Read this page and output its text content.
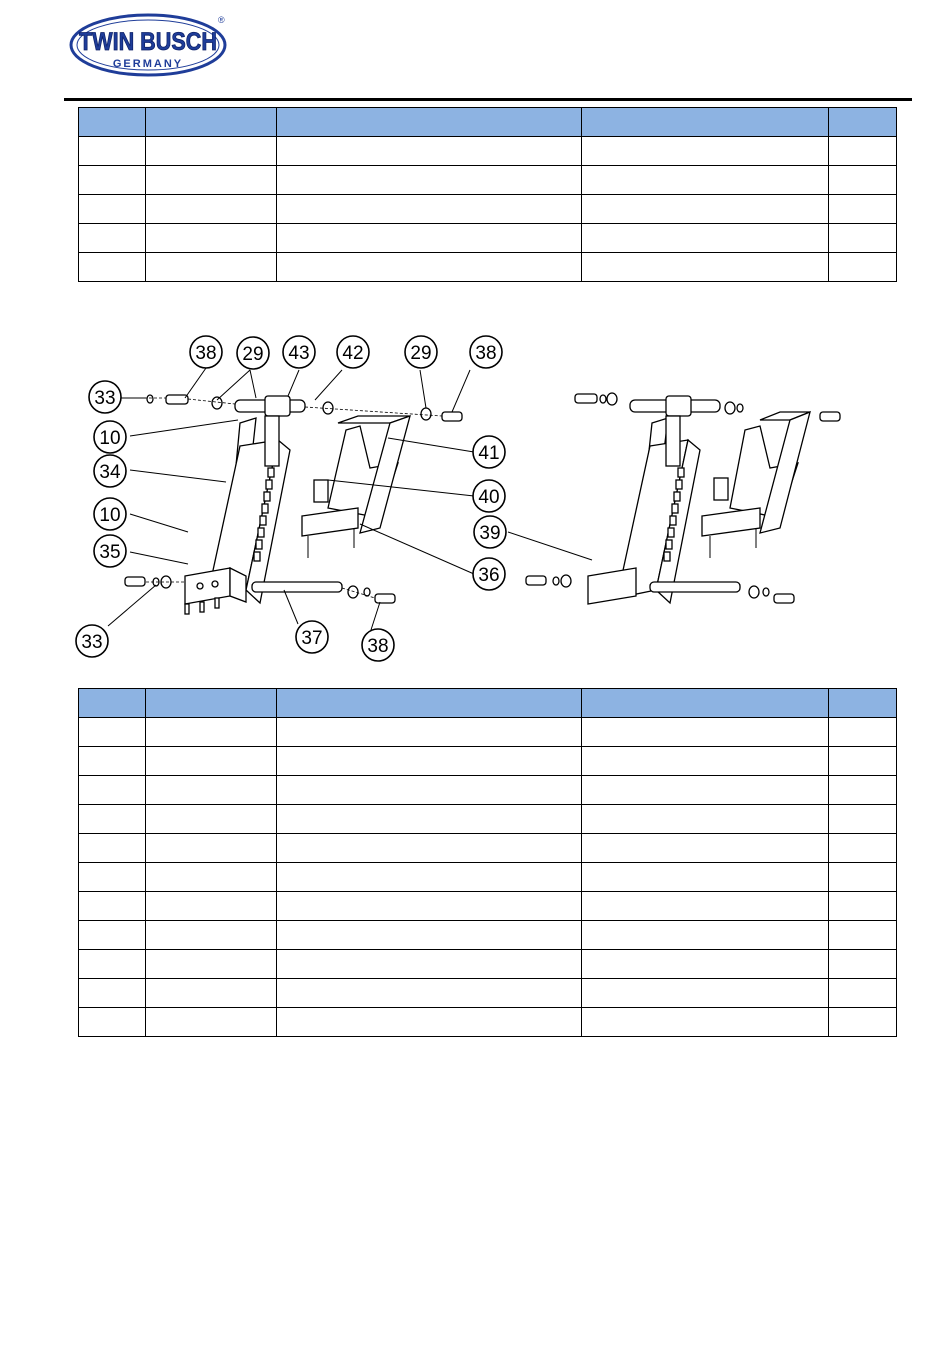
TWIN BUSCH
GERMANY
®

38 29 43 42 29 38
33
10
34
10
35
33	37 38
41
40
36
39
